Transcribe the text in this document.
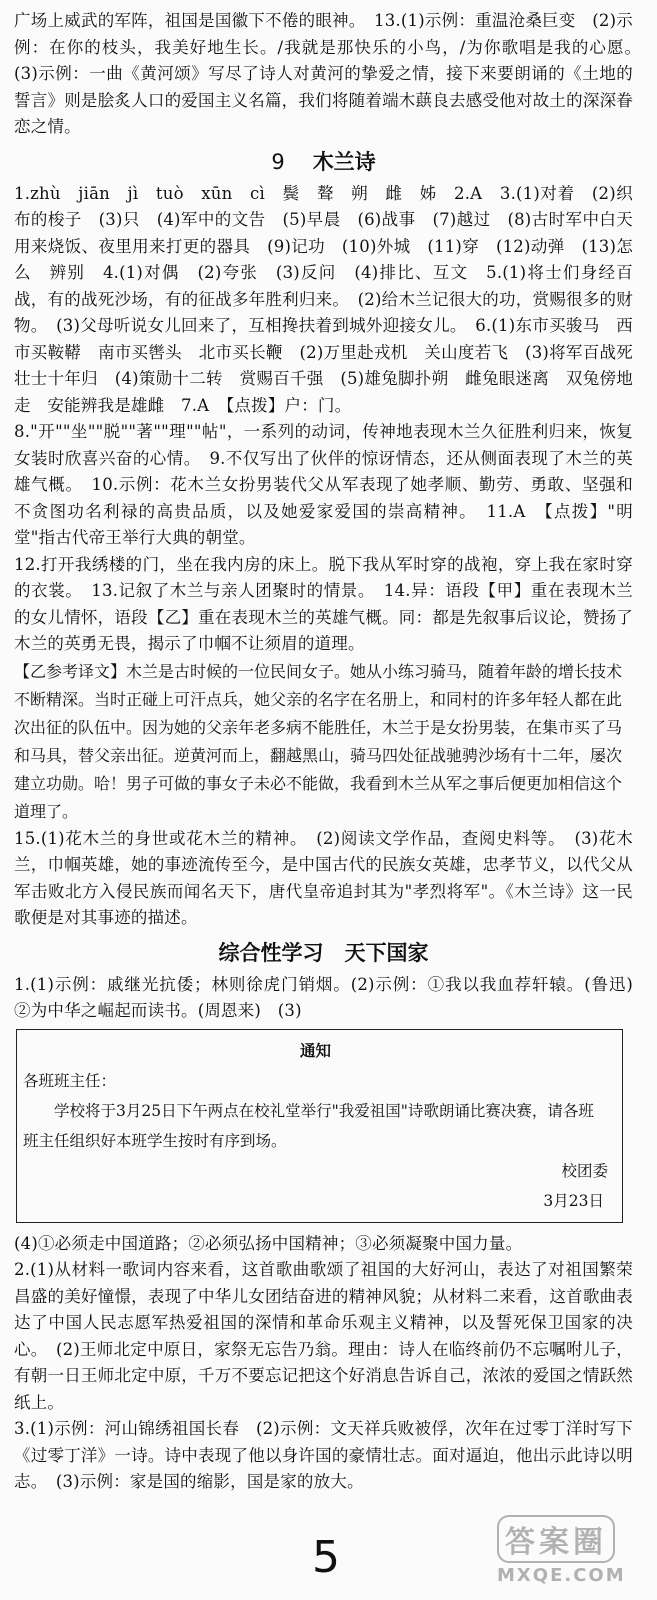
广场上威武的军阵，祖国是国徽下不倦的眼神。　13.(1)示例：重温沧桑巨变　(2)示例：在你的枝头，我美好地生长。/我就是那快乐的小鸟，/为你歌唱是我的心愿。　(3)示例：一曲《黄河颂》写尽了诗人对黄河的挚爱之情，接下来要朗诵的《土地的誓言》则是脍炙人口的爱国主义名篇，我们将随着端木蕻良去感受他对故土的深深眷恋之情。

9 木兰诗

1.zhù　jiān　jì　tuò　xūn　cì　鬓　聱　朔　雌　姊　2.A　3.(1)对着　(2)织布的梭子　(3)只　(4)军中的文告　(5)早晨　(6)战事　(7)越过　(8)古时军中白天用来烧饭、夜里用来打更的器具　(9)记功　(10)外城　(11)穿　(12)动弹　(13)怎么　辨别　4.(1)对偶　(2)夸张　(3)反问　(4)排比、互文　5.(1)将士们身经百战，有的战死沙场，有的征战多年胜利归来。　(2)给木兰记很大的功，赏赐很多的财物。　(3)父母听说女儿回来了，互相搀扶着到城外迎接女儿。　6.(1)东市买骏马　西市买鞍鞯　南市买辔头　北市买长鞭　(2)万里赴戎机　关山度若飞　(3)将军百战死　壮士十年归　(4)策勋十二转　赏赐百千强　(5)雄兔脚扑朔　雌兔眼迷离　双兔傍地走　安能辨我是雄雌　7.A　【点拨】户：门。

8."开""坐""脱""著""理""帖"，一系列的动词，传神地表现木兰久征胜利归来，恢复女装时欣喜兴奋的心情。　9.不仅写出了伙伴的惊讶情态，还从侧面表现了木兰的英雄气概。　10.示例：花木兰女扮男装代父从军表现了她孝顺、勤劳、勇敢、坚强和不贪图功名利禄的高贵品质，以及她爱家爱国的崇高精神。　11.A　【点拨】"明堂"指古代帝王举行大典的朝堂。

12.打开我绣楼的门，坐在我内房的床上。脱下我从军时穿的战袍，穿上我在家时穿的衣裳。　13.记叙了木兰与亲人团聚时的情景。　14.异：语段【甲】重在表现木兰的女儿情怀，语段【乙】重在表现木兰的英雄气概。同：都是先叙事后议论，赞扬了木兰的英勇无畏，揭示了巾帼不让须眉的道理。

【乙参考译文】木兰是古时候的一位民间女子。她从小练习骑马，随着年龄的增长技术不断精深。当时正碰上可汗点兵，她父亲的名字在名册上，和同村的许多年轻人都在此次出征的队伍中。因为她的父亲年老多病不能胜任，木兰于是女扮男装，在集市买了马和马具，替父亲出征。逆黄河而上，翻越黑山，骑马四处征战驰骋沙场有十二年，屡次建立功勋。哈！男子可做的事女子未必不能做，我看到木兰从军之事后便更加相信这个道理了。

15.(1)花木兰的身世或花木兰的精神。　(2)阅读文学作品，查阅史料等。　(3)花木兰，巾帼英雄，她的事迹流传至今，是中国古代的民族女英雄，忠孝节义，以代父从军击败北方入侵民族而闻名天下，唐代皇帝追封其为"孝烈将军"。《木兰诗》这一民歌便是对其事迹的描述。

综合性学习　天下国家

1.(1)示例：戚继光抗倭；林则徐虎门销烟。(2)示例：①我以我血荐轩辕。(鲁迅)　②为中华之崛起而读书。(周恩来)　(3)

通知
各班班主任：
学校将于3月25日下午两点在校礼堂举行"我爱祖国"诗歌朗诵比赛决赛，请各班班主任组织好本班学生按时有序到场。
校团委
3月23日

(4)①必须走中国道路；②必须弘扬中国精神；③必须凝聚中国力量。

2.(1)从材料一歌词内容来看，这首歌曲歌颂了祖国的大好河山，表达了对祖国繁荣昌盛的美好憧憬，表现了中华儿女团结奋进的精神风貌；从材料二来看，这首歌曲表达了中国人民志愿军热爱祖国的深情和革命乐观主义精神，以及誓死保卫国家的决心。　(2)王师北定中原日，家祭无忘告乃翁。理由：诗人在临终前仍不忘嘱咐儿子，有朝一日王师北定中原，千万不要忘记把这个好消息告诉自己，浓浓的爱国之情跃然纸上。

3.(1)示例：河山锦绣祖国长春　(2)示例：文天祥兵败被俘，次年在过零丁洋时写下《过零丁洋》一诗。诗中表现了他以身许国的豪情壮志。面对逼迫，他出示此诗以明志。　(3)示例：家是国的缩影，国是家的放大。

5	答案圈
MXQE.COM
